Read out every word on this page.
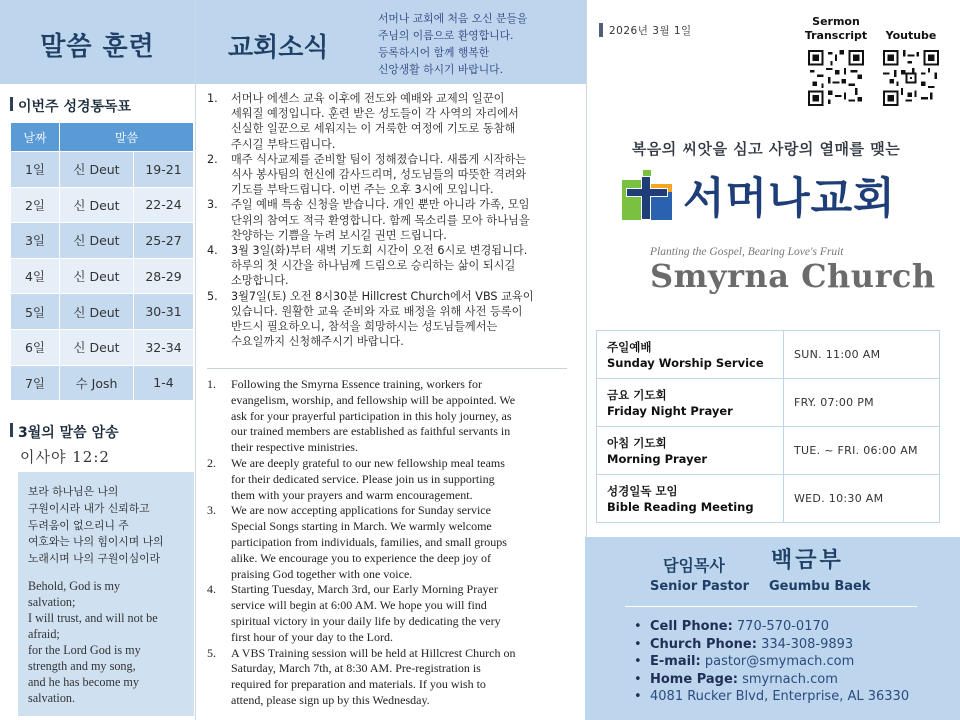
말씀 훈련
이번주 성경통독표
날짜	말씀	
1일	신 Deut	19-21
2일	신 Deut	22-24
3일	신 Deut	25-27
4일	신 Deut	28-29
5일	신 Deut	30-31
6일	신 Deut	32-34
7일	수 Josh	1-4
3월의 말씀 암송
이사야 12:2
보라 하나님은 나의
구원이시라 내가 신뢰하고
두려움이 없으리니 주
여호와는 나의 힘이시며 나의
노래시며 나의 구원이심이라
Behold, God is my
salvation;
I will trust, and will not be
afraid;
for the Lord God is my
strength and my song,
and he has become my
salvation.
교회소식
서머나 교회에 처음 오신 분들을
주님의 이름으로 환영합니다.
등록하시어 함께 행복한
신앙생활 하시기 바랍니다.
1. 서머나 에센스 교육 이후에 전도와 예배와 교제의 일꾼이
세워질 예정입니다. 훈련 받은 성도들이 각 사역의 자리에서
신실한 일꾼으로 세워지는 이 거룩한 여정에 기도로 동참해
주시길 부탁드립니다.
2. 매주 식사교제를 준비할 팀이 정해졌습니다. 새롭게 시작하는
식사 봉사팀의 헌신에 감사드리며, 성도님들의 따뜻한 격려와
기도를 부탁드립니다. 이번 주는 오후 3시에 모입니다.
3. 주일 예배 특송 신청을 받습니다. 개인 뿐만 아니라 가족, 모임
단위의 참여도 적극 환영합니다. 함께 목소리를 모아 하나님을
찬양하는 기쁨을 누려 보시길 권면 드립니다.
4. 3월 3일(화)부터 새벽 기도회 시간이 오전 6시로 변경됩니다.
하루의 첫 시간을 하나님께 드림으로 승리하는 삶이 되시길
소망합니다.
5. 3월7일(토) 오전 8시30분 Hillcrest Church에서 VBS 교육이
있습니다. 원활한 교육 준비와 자료 배정을 위해 사전 등록이
반드시 필요하오니, 참석을 희망하시는 성도님들께서는
수요일까지 신청해주시기 바랍니다.
1. Following the Smyrna Essence training, workers for
evangelism, worship, and fellowship will be appointed. We
ask for your prayerful participation in this holy journey, as
our trained members are established as faithful servants in
their respective ministries.
2. We are deeply grateful to our new fellowship meal teams
for their dedicated service. Please join us in supporting
them with your prayers and warm encouragement.
3. We are now accepting applications for Sunday service
Special Songs starting in March. We warmly welcome
participation from individuals, families, and small groups
alike. We encourage you to experience the deep joy of
praising God together with one voice.
4. Starting Tuesday, March 3rd, our Early Morning Prayer
service will begin at 6:00 AM. We hope you will find
spiritual victory in your daily life by dedicating the very
first hour of your day to the Lord.
5. A VBS Training session will be held at Hillcrest Church on
Saturday, March 7th, at 8:30 AM. Pre-registration is
required for preparation and materials. If you wish to
attend, please sign up by this Wednesday.
2026년 3월 1일
Sermon
Transcript	Youtube
복음의 씨앗을 심고 사랑의 열매를 맺는
서머나교회
Planting the Gospel, Bearing Love's Fruit
Smyrna Church
주일예배
Sunday Worship Service	SUN. 11:00 AM

금요 기도회
Friday Night Prayer	FRY. 07:00 PM

아침 기도회
Morning Prayer	TUE. ~ FRI. 06:00 AM

성경일독 모임
Bible Reading Meeting	WED. 10:30 AM
담임목사 백금부
Senior Pastor Geumbu Baek
• Cell Phone: 770-570-0170
• Church Phone: 334-308-9893
• E-mail: pastor@smymach.com
• Home Page: smyrnach.com
• 4081 Rucker Blvd, Enterprise, AL 36330
